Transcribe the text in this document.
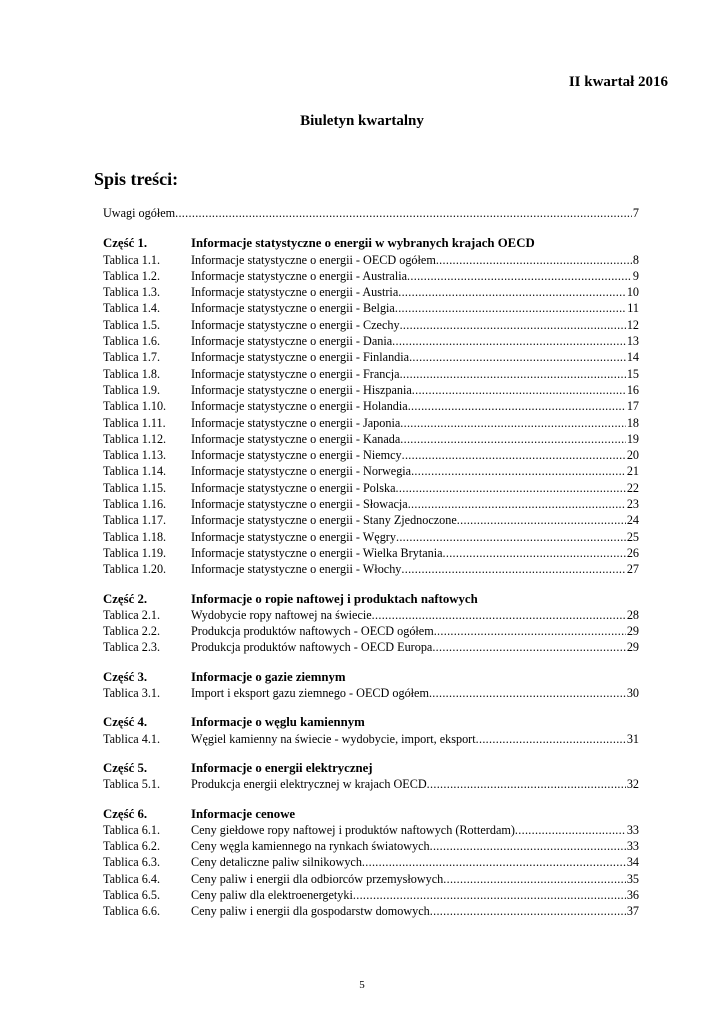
II kwartał 2016
Biuletyn kwartalny
Spis treści:
Uwagi ogółem .....	7
Część 1.	Informacje statystyczne o energii w wybranych krajach OECD
Tablica 1.1.	Informacje statystyczne o energii - OECD ogółem .....	8
Tablica 1.2.	Informacje statystyczne o energii - Australia .....	9
Tablica 1.3.	Informacje statystyczne o energii - Austria .....	10
Tablica 1.4.	Informacje statystyczne o energii - Belgia .....	11
Tablica 1.5.	Informacje statystyczne o energii - Czechy .....	12
Tablica 1.6.	Informacje statystyczne o energii - Dania .....	13
Tablica 1.7.	Informacje statystyczne o energii - Finlandia .....	14
Tablica 1.8.	Informacje statystyczne o energii - Francja .....	15
Tablica 1.9.	Informacje statystyczne o energii - Hiszpania .....	16
Tablica 1.10.	Informacje statystyczne o energii - Holandia .....	17
Tablica 1.11.	Informacje statystyczne o energii - Japonia .....	18
Tablica 1.12.	Informacje statystyczne o energii - Kanada .....	19
Tablica 1.13.	Informacje statystyczne o energii - Niemcy .....	20
Tablica 1.14.	Informacje statystyczne o energii - Norwegia .....	21
Tablica 1.15.	Informacje statystyczne o energii - Polska .....	22
Tablica 1.16.	Informacje statystyczne o energii - Słowacja .....	23
Tablica 1.17.	Informacje statystyczne o energii - Stany Zjednoczone .....	24
Tablica 1.18.	Informacje statystyczne o energii - Węgry .....	25
Tablica 1.19.	Informacje statystyczne o energii - Wielka Brytania .....	26
Tablica 1.20.	Informacje statystyczne o energii - Włochy .....	27
Część 2.	Informacje o ropie naftowej i produktach naftowych
Tablica 2.1.	Wydobycie ropy naftowej na świecie .....	28
Tablica 2.2.	Produkcja produktów naftowych - OECD ogółem .....	29
Tablica 2.3.	Produkcja produktów naftowych - OECD Europa .....	29
Część 3.	Informacje o gazie ziemnym
Tablica 3.1.	Import i eksport gazu ziemnego - OECD ogółem .....	30
Część 4.	Informacje o węglu kamiennym
Tablica 4.1.	Węgiel kamienny na świecie - wydobycie, import, eksport .....	31
Część 5.	Informacje o energii elektrycznej
Tablica 5.1.	Produkcja energii elektrycznej w krajach OECD .....	32
Część 6.	Informacje cenowe
Tablica 6.1.	Ceny giełdowe ropy naftowej i produktów naftowych (Rotterdam) .....	33
Tablica 6.2.	Ceny węgla kamiennego na rynkach światowych .....	33
Tablica 6.3.	Ceny detaliczne paliw silnikowych .....	34
Tablica 6.4.	Ceny paliw i energii dla odbiorców przemysłowych .....	35
Tablica 6.5.	Ceny paliw dla elektroenergetyki .....	36
Tablica 6.6.	Ceny paliw i energii dla gospodarstw domowych .....	37
5
